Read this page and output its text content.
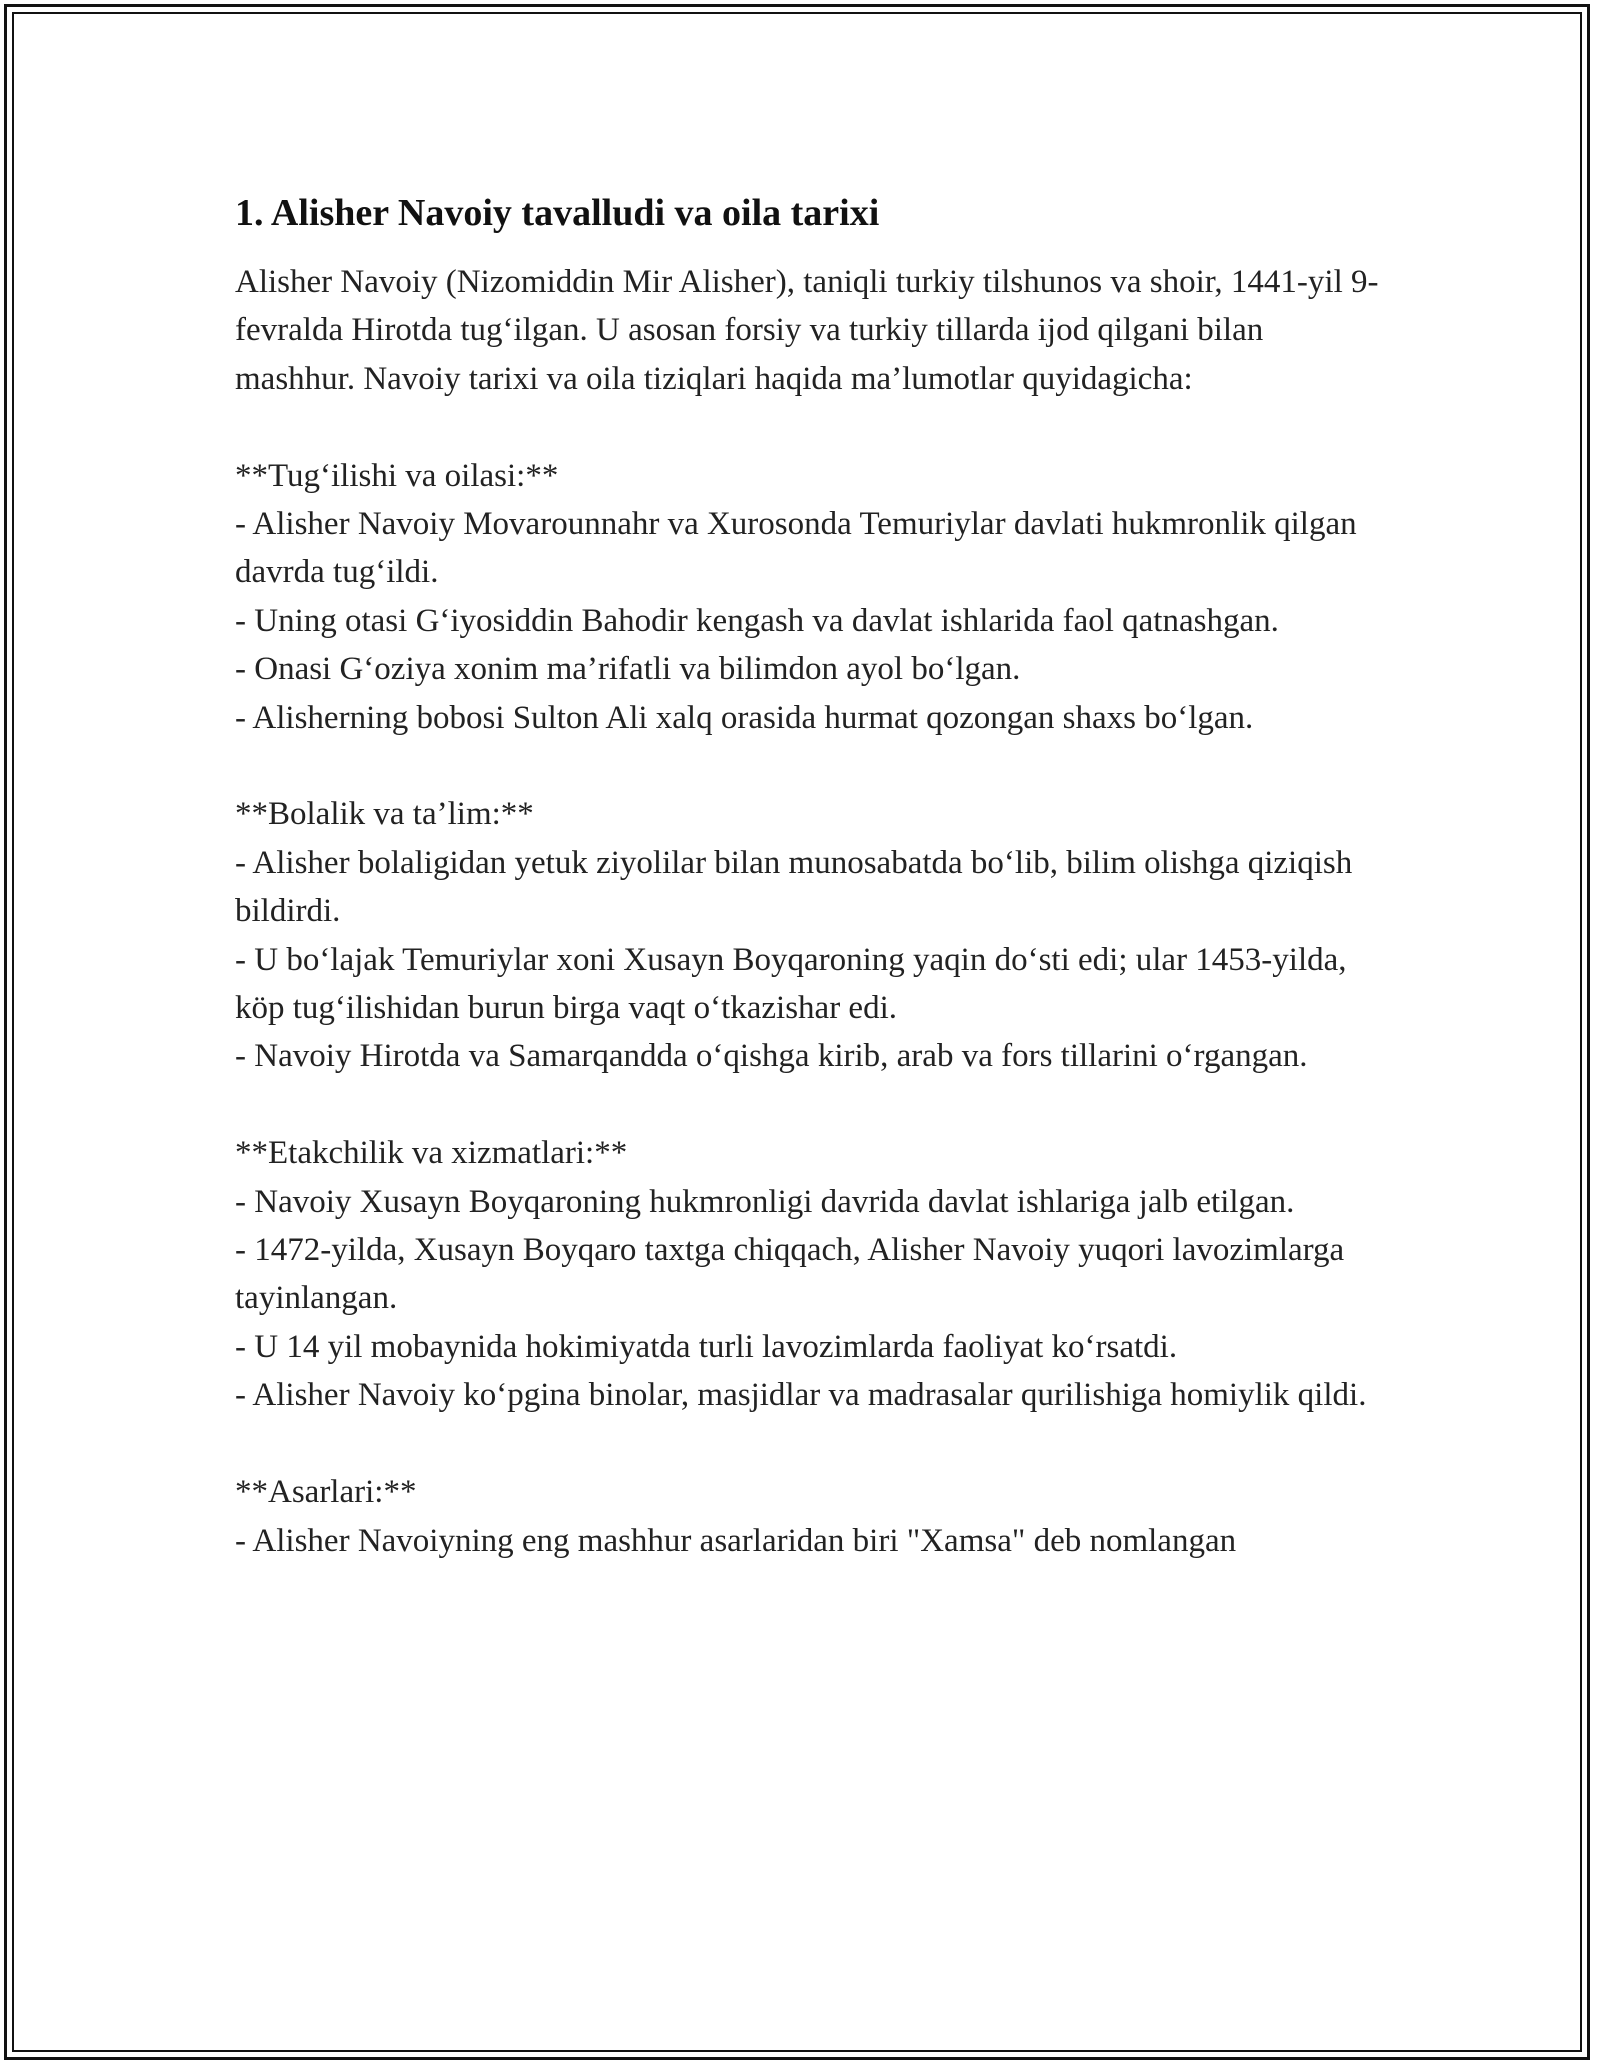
1. Alisher Navoiy tavalludi va oila tarixi

Alisher Navoiy (Nizomiddin Mir Alisher), taniqli turkiy tilshunos va shoir, 1441-yil 9-fevralda Hirotda tug‘ilgan. U asosan forsiy va turkiy tillarda ijod qilgani bilan mashhur. Navoiy tarixi va oila tiziqlari haqida ma’lumotlar quyidagicha:

**Tug‘ilishi va oilasi:**
- Alisher Navoiy Movarounnahr va Xurosonda Temuriylar davlati hukmronlik qilgan davrda tug‘ildi.
- Uning otasi G‘iyosiddin Bahodir kengash va davlat ishlarida faol qatnashgan.
- Onasi G‘oziya xonim ma’rifatli va bilimdon ayol bo‘lgan.
- Alisherning bobosi Sulton Ali xalq orasida hurmat qozongan shaxs bo‘lgan.
**Bolalik va ta’lim:**
- Alisher bolaligidan yetuk ziyolilar bilan munosabatda bo‘lib, bilim olishga qiziqish bildirdi.
- U bo‘lajak Temuriylar xoni Xusayn Boyqaroning yaqin do‘sti edi; ular 1453-yilda, köp tug‘ilishidan burun birga vaqt o‘tkazishar edi.
- Navoiy Hirotda va Samarqandda o‘qishga kirib, arab va fors tillarini o‘rgangan.
**Etakchilik va xizmatlari:**
- Navoiy Xusayn Boyqaroning hukmronligi davrida davlat ishlariga jalb etilgan.
- 1472-yilda, Xusayn Boyqaro taxtga chiqqach, Alisher Navoiy yuqori lavozimlarga tayinlangan.
- U 14 yil mobaynida hokimiyatda turli lavozimlarda faoliyat ko‘rsatdi.
- Alisher Navoiy ko‘pgina binolar, masjidlar va madrasalar qurilishiga homiylik qildi.
**Asarlari:**
- Alisher Navoiyning eng mashhur asarlaridan biri "Xamsa" deb nomlangan
